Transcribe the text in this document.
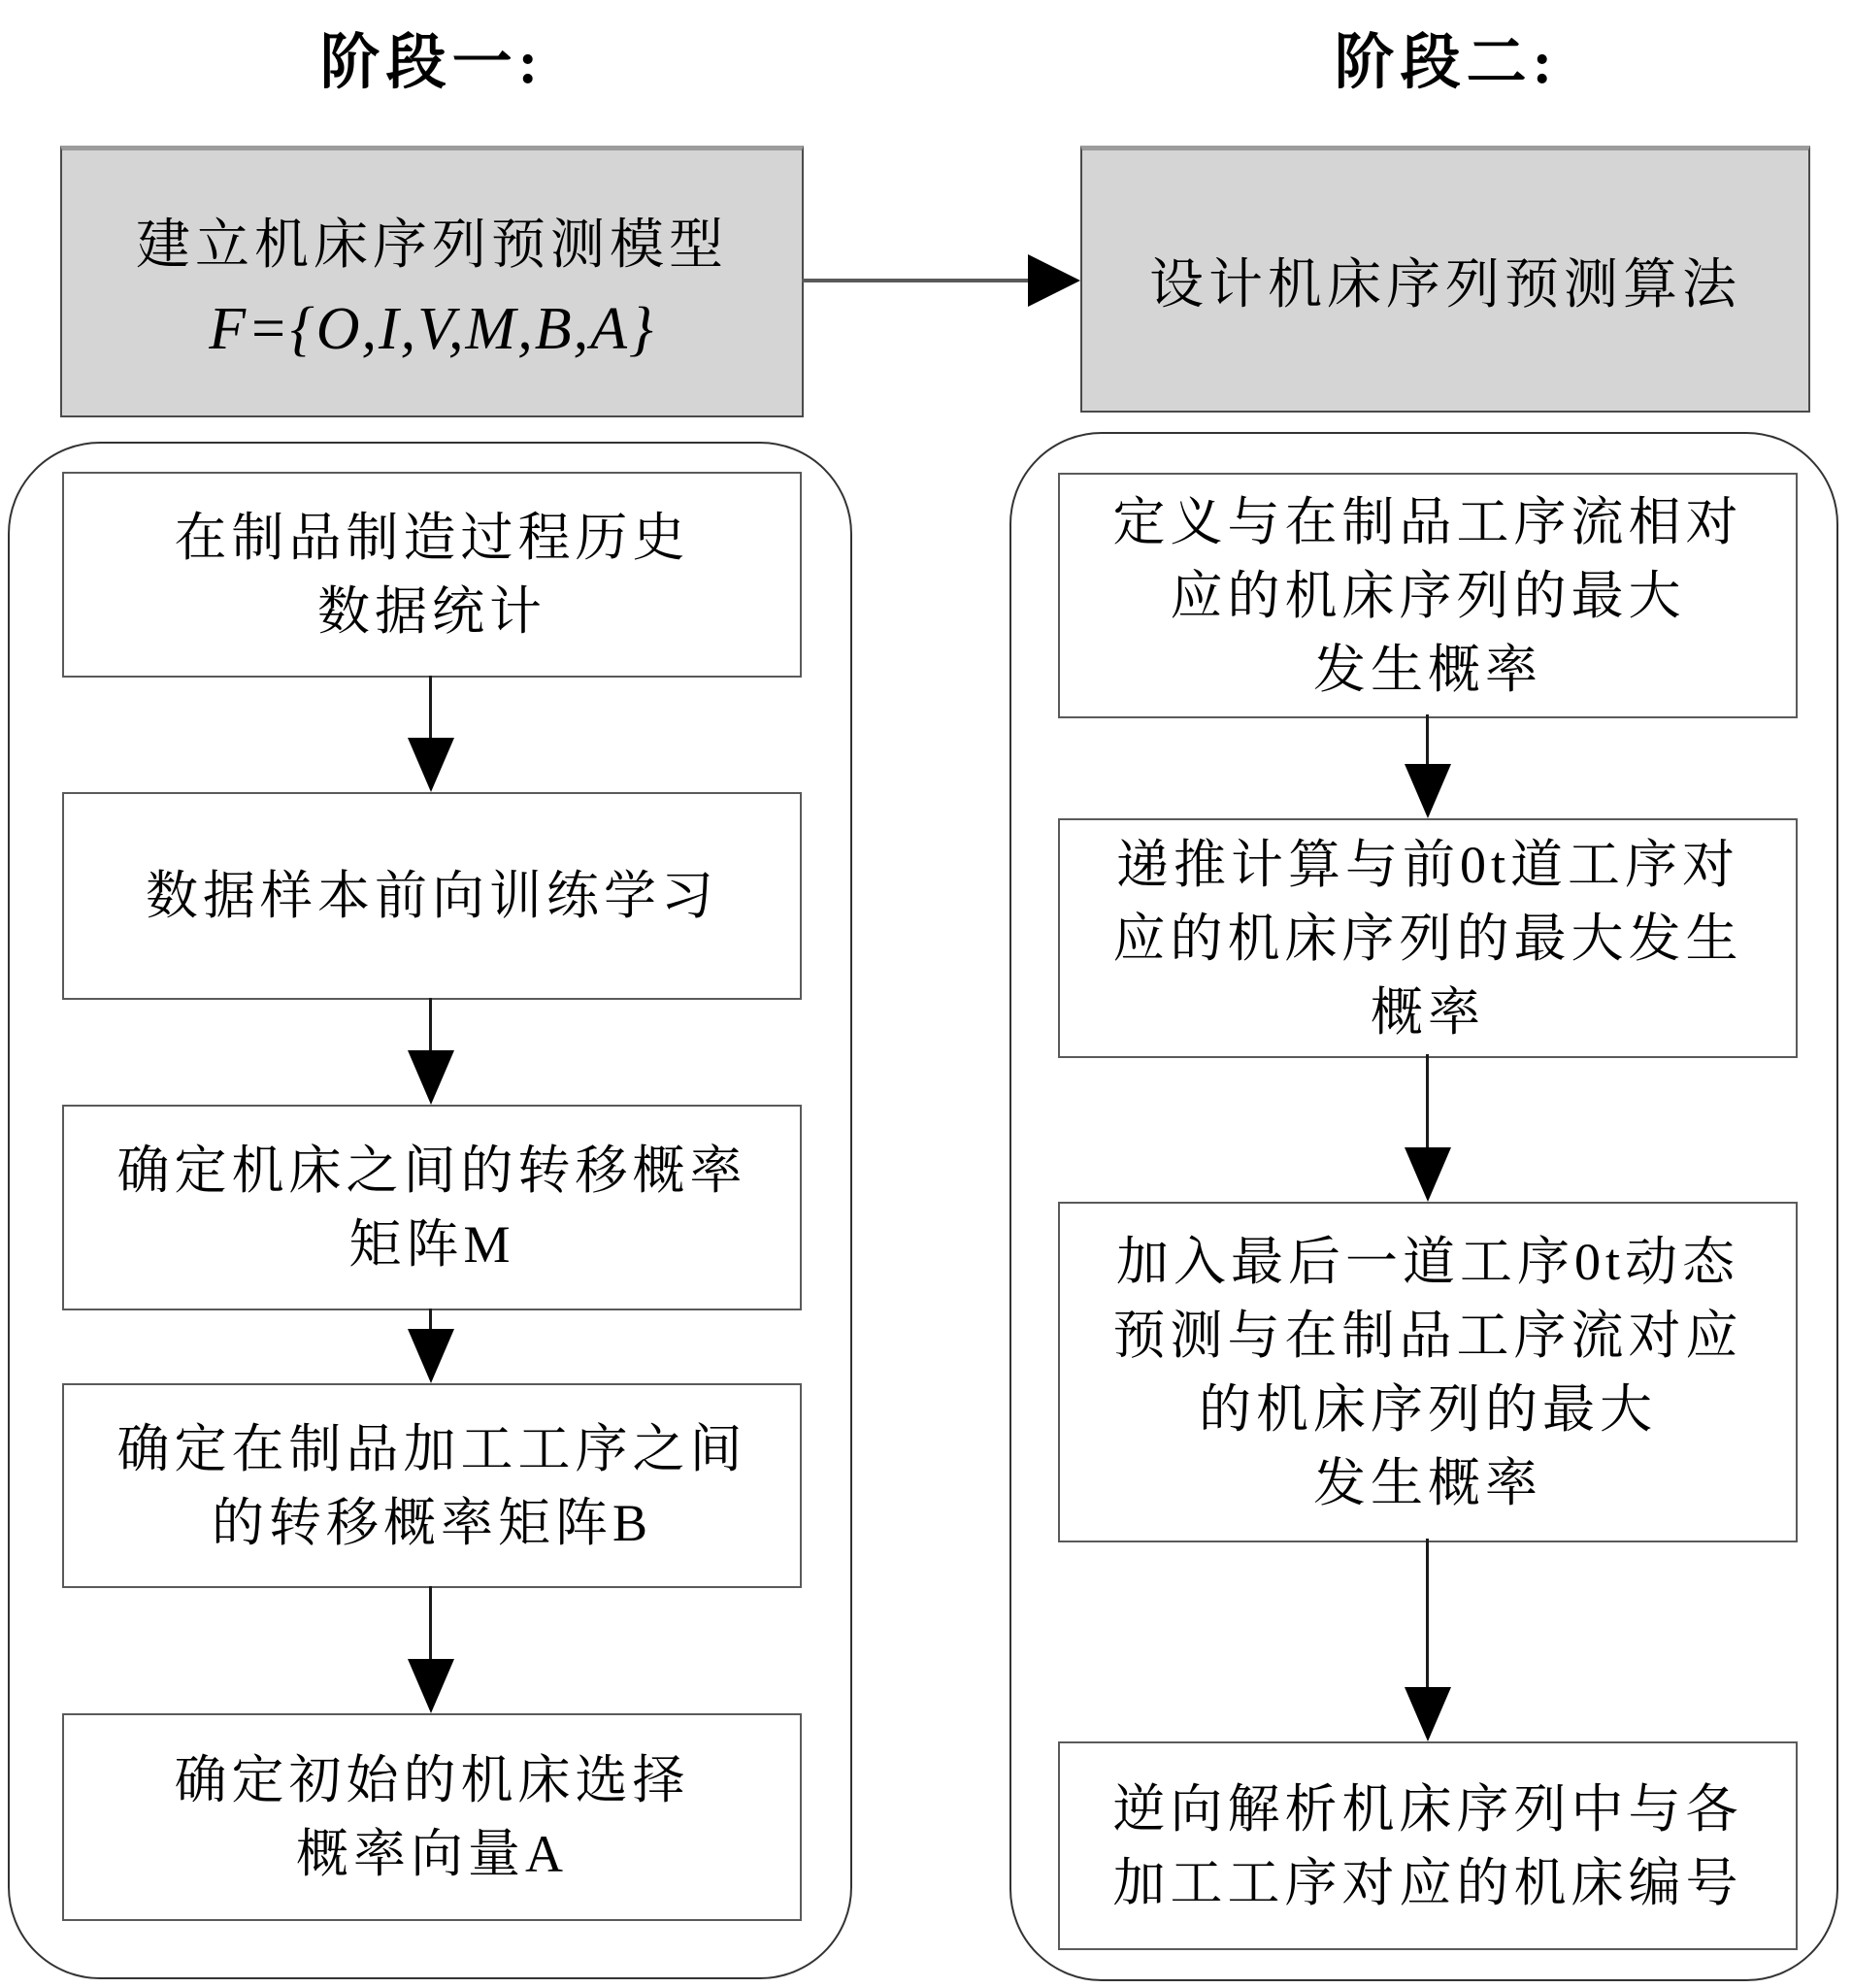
阶段一:	阶段二:
建立机床序列预测模型
F={O,I,V,M,B,A}
设计机床序列预测算法
在制品制造过程历史
数据统计
数据样本前向训练学习
确定机床之间的转移概率
矩阵M
确定在制品加工工序之间
的转移概率矩阵B
确定初始的机床选择
概率向量A
定义与在制品工序流相对
应的机床序列的最大
发生概率
递推计算与前0t道工序对
应的机床序列的最大发生
概率
加入最后一道工序0t动态
预测与在制品工序流对应
的机床序列的最大
发生概率
逆向解析机床序列中与各
加工工序对应的机床编号
